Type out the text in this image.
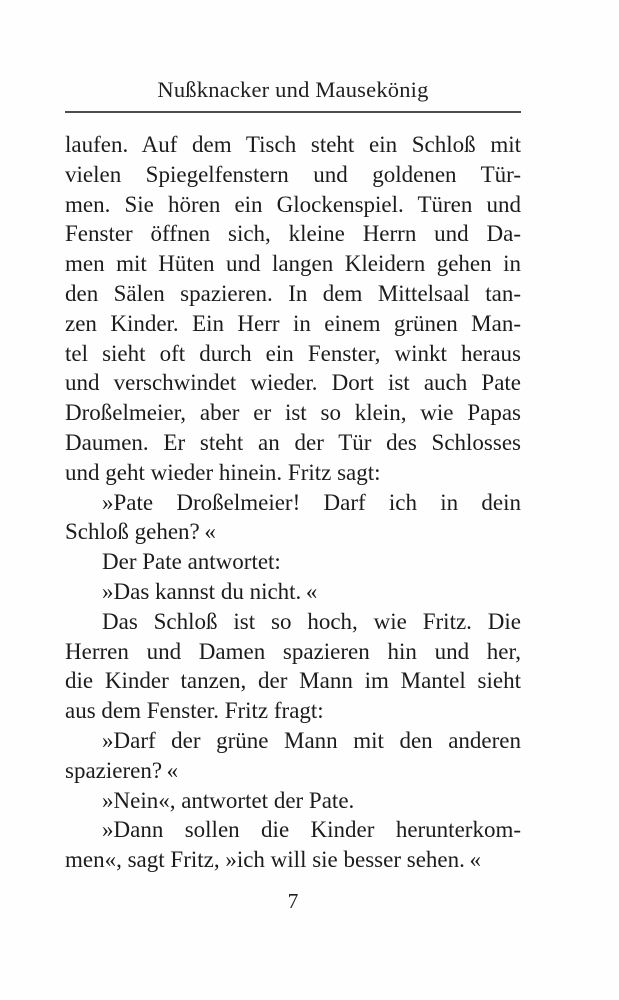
Nußknacker und Mausekönig
laufen. Auf dem Tisch steht ein Schloß mit
vielen Spiegelfenstern und goldenen Tür-
men. Sie hören ein Glockenspiel. Türen und
Fenster öffnen sich, kleine Herrn und Da-
men mit Hüten und langen Kleidern gehen in
den Sälen spazieren. In dem Mittelsaal tan-
zen Kinder. Ein Herr in einem grünen Man-
tel sieht oft durch ein Fenster, winkt heraus
und verschwindet wieder. Dort ist auch Pate
Droßelmeier, aber er ist so klein, wie Papas
Daumen. Er steht an der Tür des Schlosses
und geht wieder hinein. Fritz sagt:
»Pate Droßelmeier! Darf ich in dein
Schloß gehen? «
Der Pate antwortet:
»Das kannst du nicht. «
Das Schloß ist so hoch, wie Fritz. Die
Herren und Damen spazieren hin und her,
die Kinder tanzen, der Mann im Mantel sieht
aus dem Fenster. Fritz fragt:
»Darf der grüne Mann mit den anderen
spazieren? «
»Nein«, antwortet der Pate.
»Dann sollen die Kinder herunterkom-
men«, sagt Fritz, »ich will sie besser sehen. «
7
